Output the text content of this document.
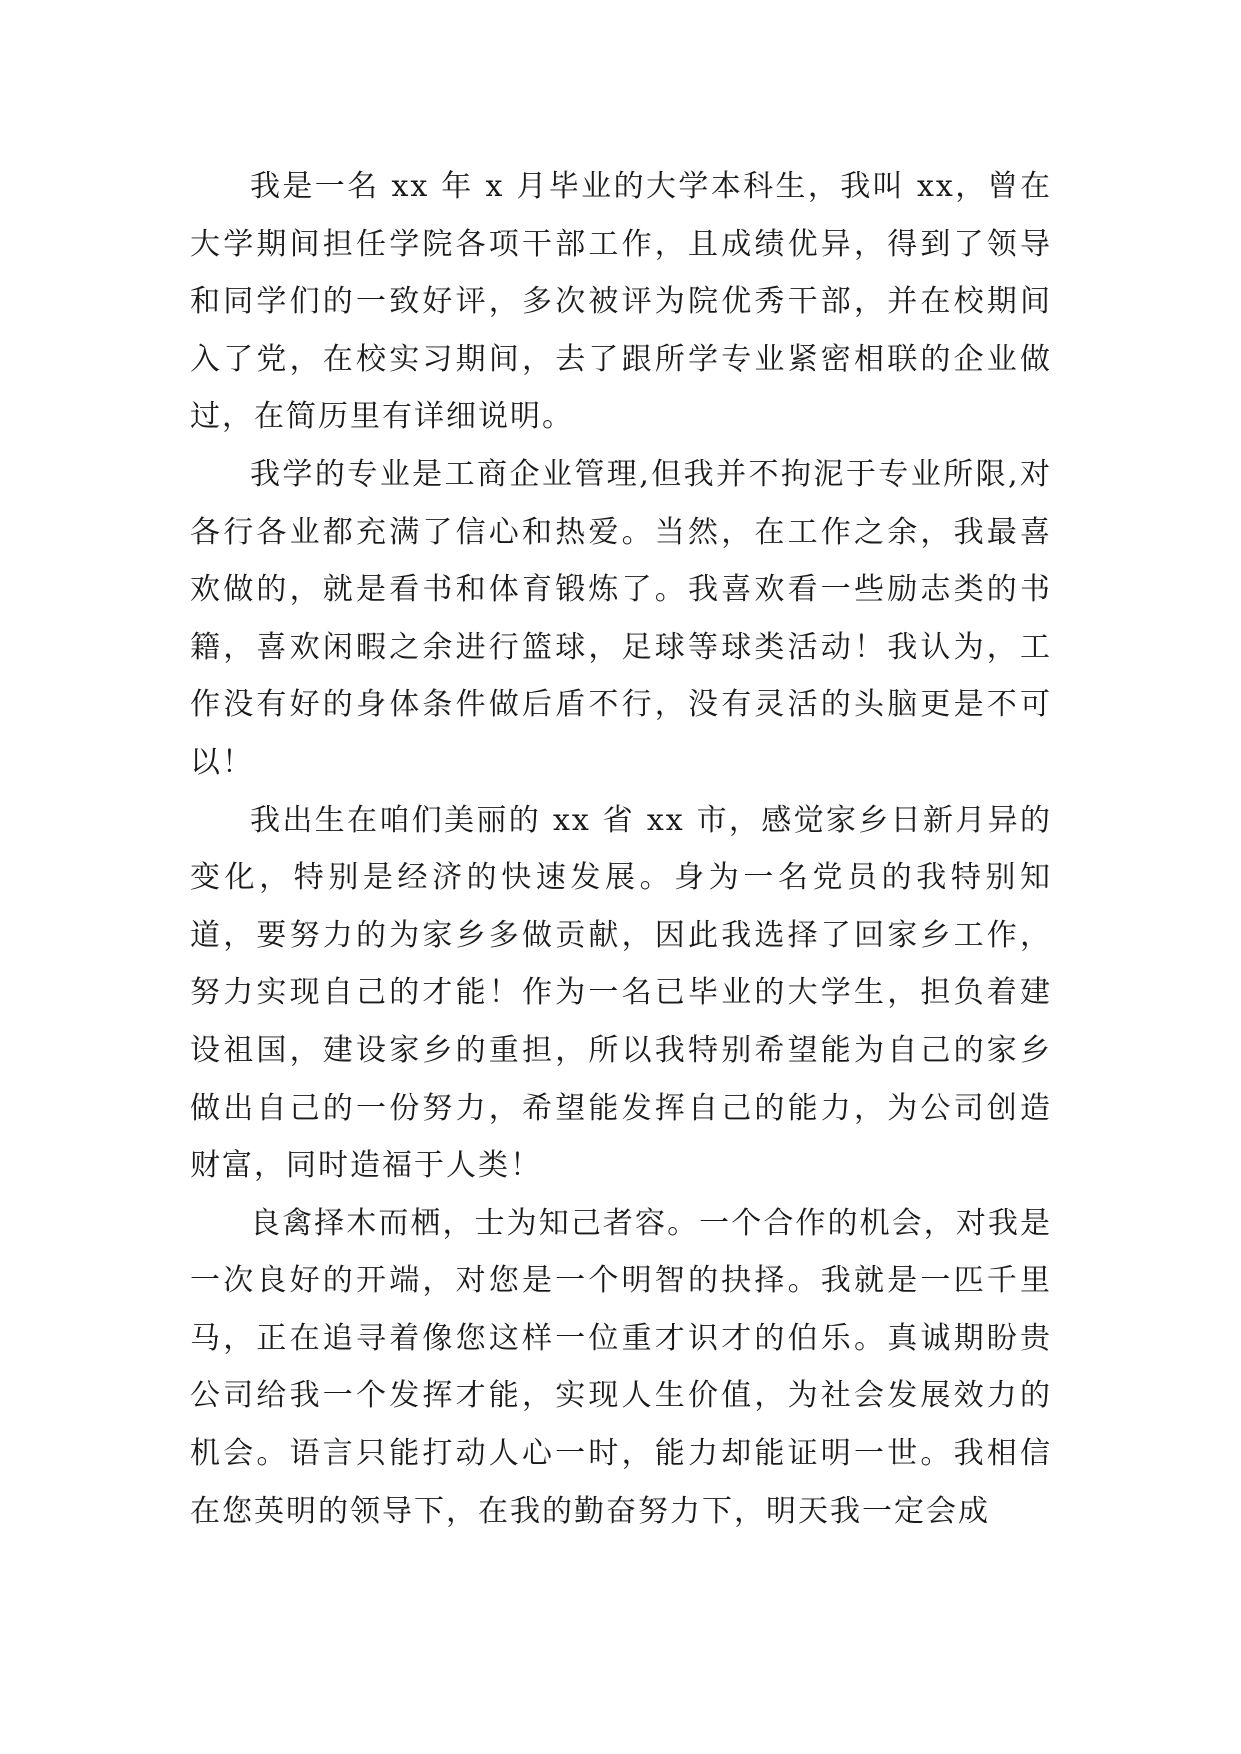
我是一名 xx 年 x 月毕业的大学本科生，我叫 xx，曾在大学期间担任学院各项干部工作，且成绩优异，得到了领导和同学们的一致好评，多次被评为院优秀干部，并在校期间入了党，在校实习期间，去了跟所学专业紧密相联的企业做过，在简历里有详细说明。

我学的专业是工商企业管理,但我并不拘泥于专业所限,对各行各业都充满了信心和热爱。当然，在工作之余，我最喜欢做的，就是看书和体育锻炼了。我喜欢看一些励志类的书籍，喜欢闲暇之余进行篮球，足球等球类活动！我认为，工作没有好的身体条件做后盾不行，没有灵活的头脑更是不可以！

我出生在咱们美丽的 xx 省 xx 市，感觉家乡日新月异的变化，特别是经济的快速发展。身为一名党员的我特别知道，要努力的为家乡多做贡献，因此我选择了回家乡工作，努力实现自己的才能！作为一名已毕业的大学生，担负着建设祖国，建设家乡的重担，所以我特别希望能为自己的家乡做出自己的一份努力，希望能发挥自己的能力，为公司创造财富，同时造福于人类！

良禽择木而栖，士为知己者容。一个合作的机会，对我是一次良好的开端，对您是一个明智的抉择。我就是一匹千里马，正在追寻着像您这样一位重才识才的伯乐。真诚期盼贵公司给我一个发挥才能，实现人生价值，为社会发展效力的机会。语言只能打动人心一时，能力却能证明一世。我相信在您英明的领导下，在我的勤奋努力下，明天我一定会成
